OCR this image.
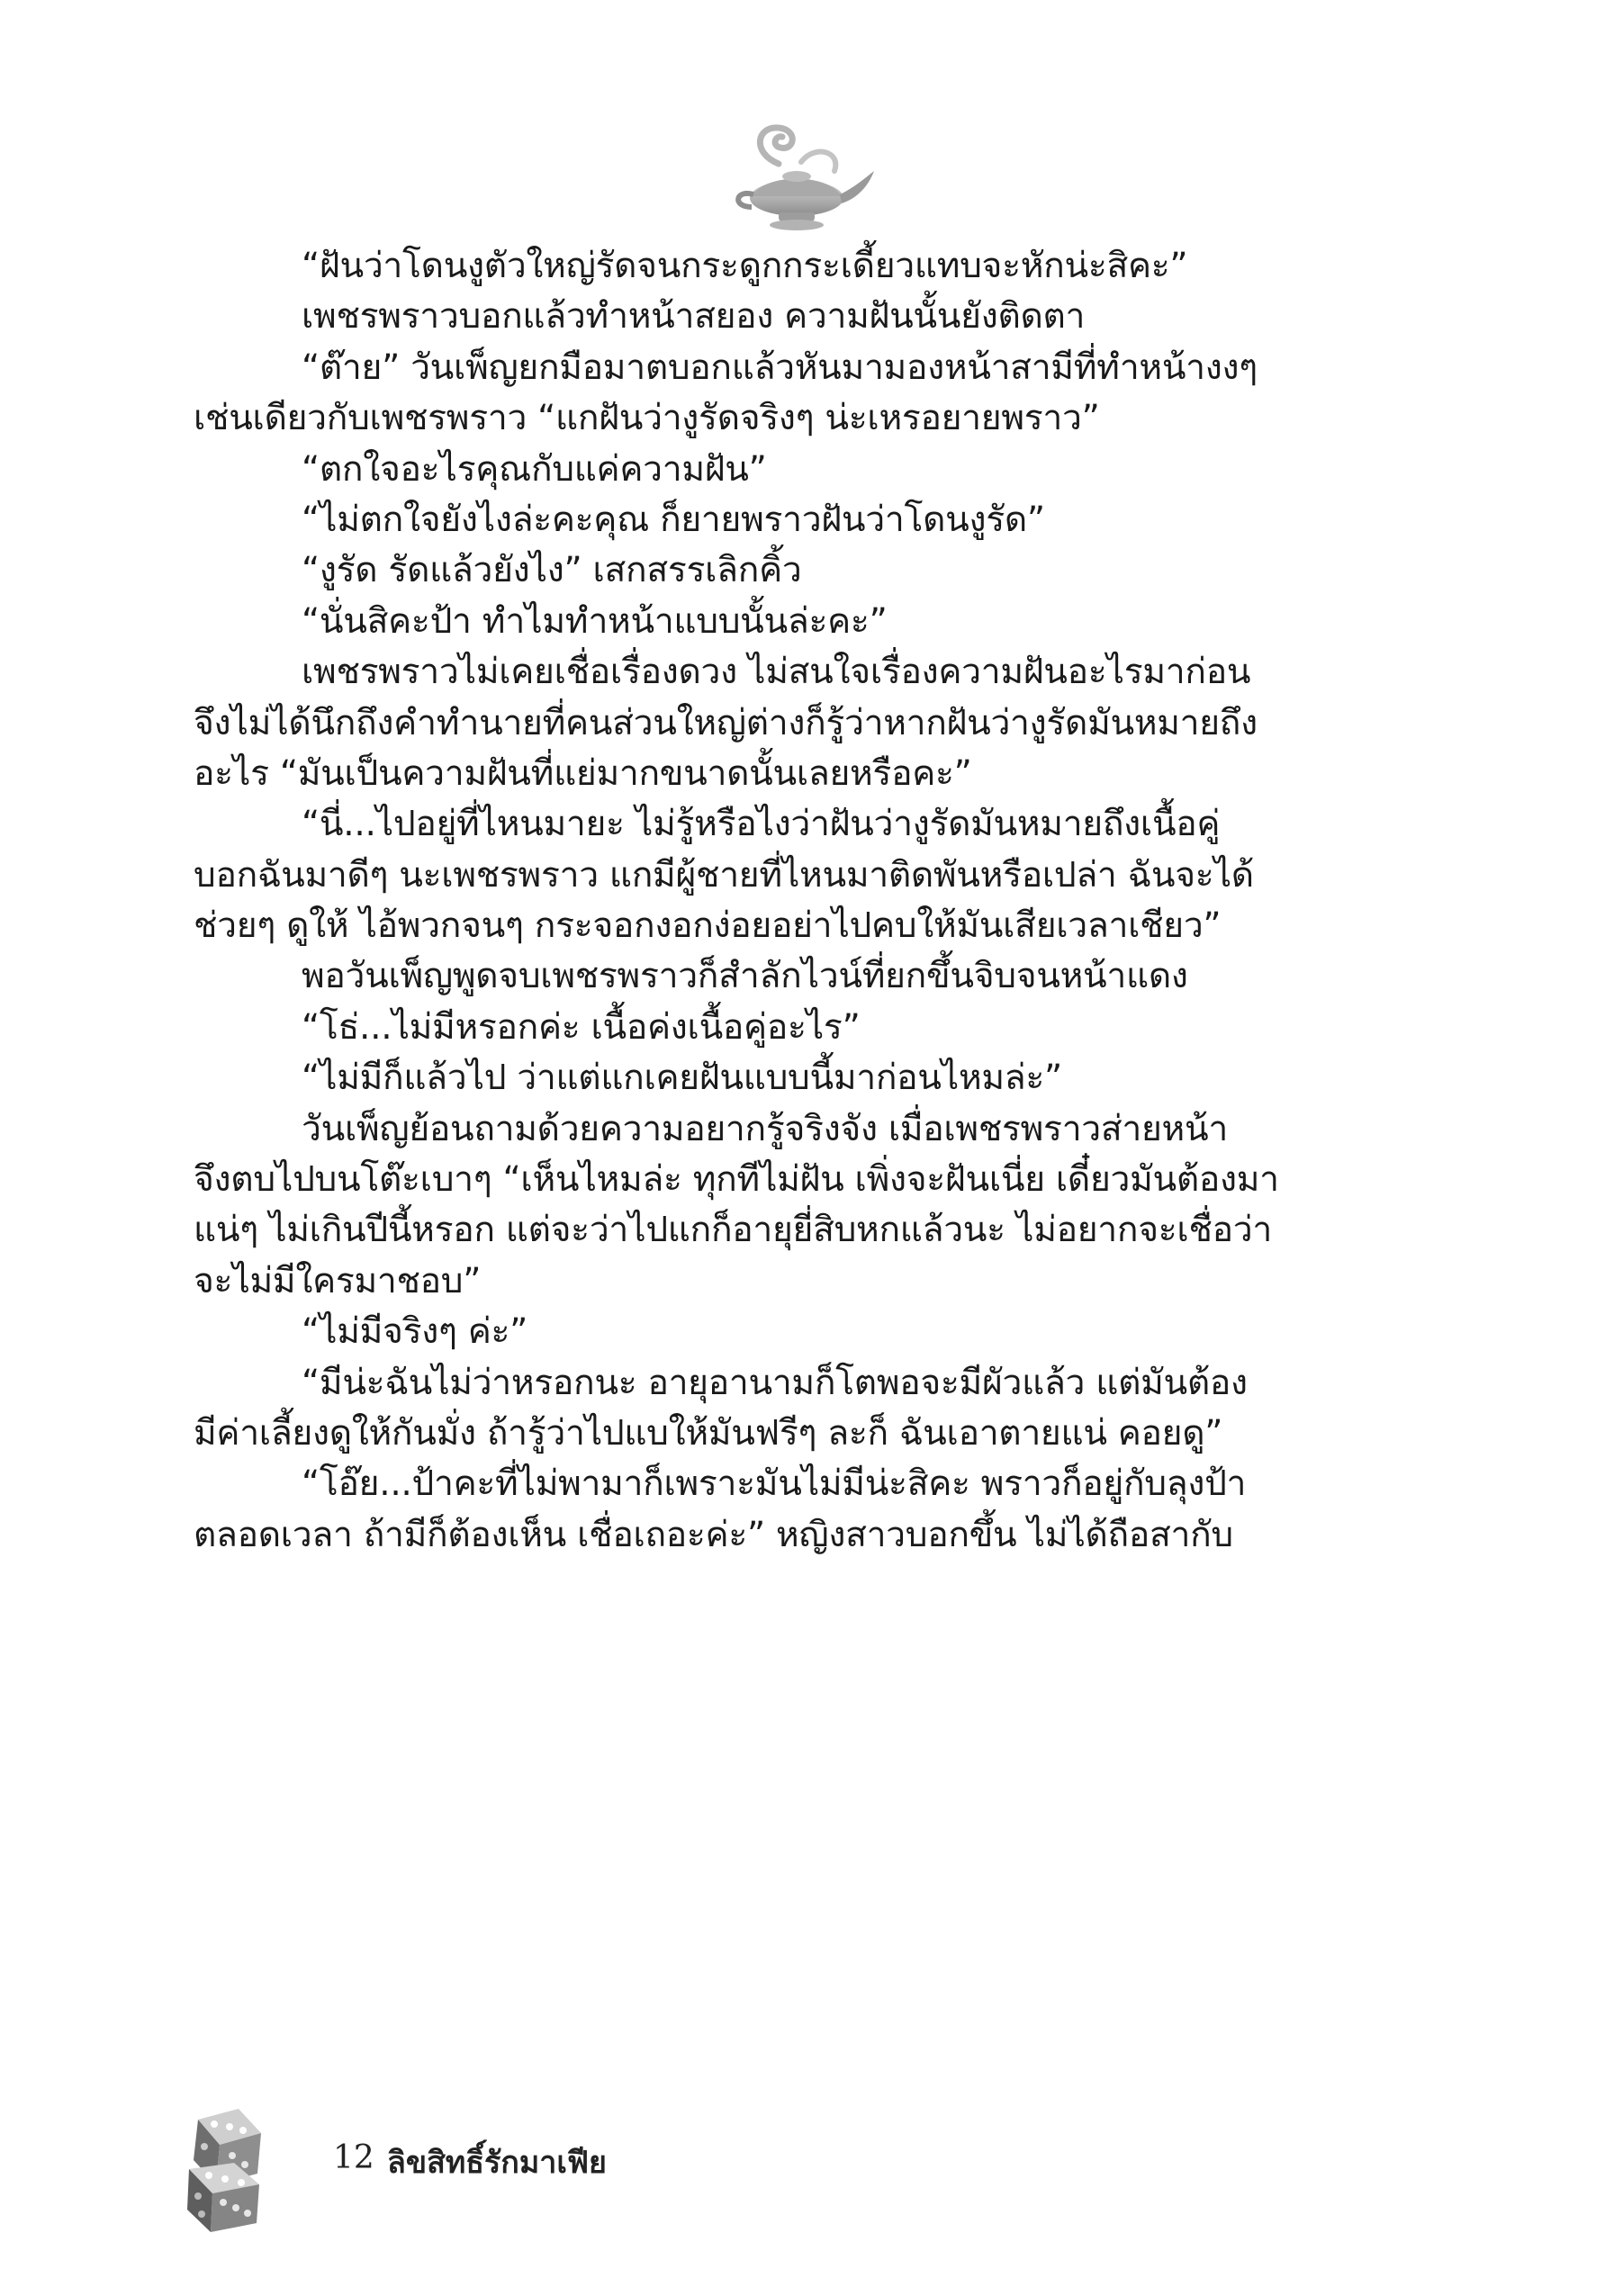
“ฝันว่าโดนงูตัวใหญ่รัดจนกระดูกกระเดี้ยวแทบจะหักน่ะสิคะ”
เพชรพราวบอกแล้วทำหน้าสยอง ความฝันนั้นยังติดตา
“ต๊าย” วันเพ็ญยกมือมาตบอกแล้วหันมามองหน้าสามีที่ทำหน้างงๆ
เช่นเดียวกับเพชรพราว “แกฝันว่างูรัดจริงๆ น่ะเหรอยายพราว”
“ตกใจอะไรคุณกับแค่ความฝัน”
“ไม่ตกใจยังไงล่ะคะคุณ ก็ยายพราวฝันว่าโดนงูรัด”
“งูรัด รัดแล้วยังไง” เสกสรรเลิกคิ้ว
“นั่นสิคะป้า ทำไมทำหน้าแบบนั้นล่ะคะ”
เพชรพราวไม่เคยเชื่อเรื่องดวง ไม่สนใจเรื่องความฝันอะไรมาก่อน
จึงไม่ได้นึกถึงคำทำนายที่คนส่วนใหญ่ต่างก็รู้ว่าหากฝันว่างูรัดมันหมายถึง
อะไร “มันเป็นความฝันที่แย่มากขนาดนั้นเลยหรือคะ”
“นี่...ไปอยู่ที่ไหนมายะ ไม่รู้หรือไงว่าฝันว่างูรัดมันหมายถึงเนื้อคู่
บอกฉันมาดีๆ นะเพชรพราว แกมีผู้ชายที่ไหนมาติดพันหรือเปล่า ฉันจะได้
ช่วยๆ ดูให้ ไอ้พวกจนๆ กระจอกงอกง่อยอย่าไปคบให้มันเสียเวลาเชียว”
พอวันเพ็ญพูดจบเพชรพราวก็สำลักไวน์ที่ยกขึ้นจิบจนหน้าแดง
“โธ่...ไม่มีหรอกค่ะ เนื้อค่งเนื้อคู่อะไร”
“ไม่มีก็แล้วไป ว่าแต่แกเคยฝันแบบนี้มาก่อนไหมล่ะ”
วันเพ็ญย้อนถามด้วยความอยากรู้จริงจัง เมื่อเพชรพราวส่ายหน้า
จึงตบไปบนโต๊ะเบาๆ “เห็นไหมล่ะ ทุกทีไม่ฝัน เพิ่งจะฝันเนี่ย เดี๋ยวมันต้องมา
แน่ๆ ไม่เกินปีนี้หรอก แต่จะว่าไปแกก็อายุยี่สิบหกแล้วนะ ไม่อยากจะเชื่อว่า
จะไม่มีใครมาชอบ”
“ไม่มีจริงๆ ค่ะ”
“มีน่ะฉันไม่ว่าหรอกนะ อายุอานามก็โตพอจะมีผัวแล้ว แต่มันต้อง
มีค่าเลี้ยงดูให้กันมั่ง ถ้ารู้ว่าไปแบให้มันฟรีๆ ละก็ ฉันเอาตายแน่ คอยดู”
“โอ๊ย...ป้าคะที่ไม่พามาก็เพราะมันไม่มีน่ะสิคะ พราวก็อยู่กับลุงป้า
ตลอดเวลา ถ้ามีก็ต้องเห็น เชื่อเถอะค่ะ” หญิงสาวบอกขึ้น ไม่ได้ถือสากับ
12 ลิขสิทธิ์รักมาเฟีย
